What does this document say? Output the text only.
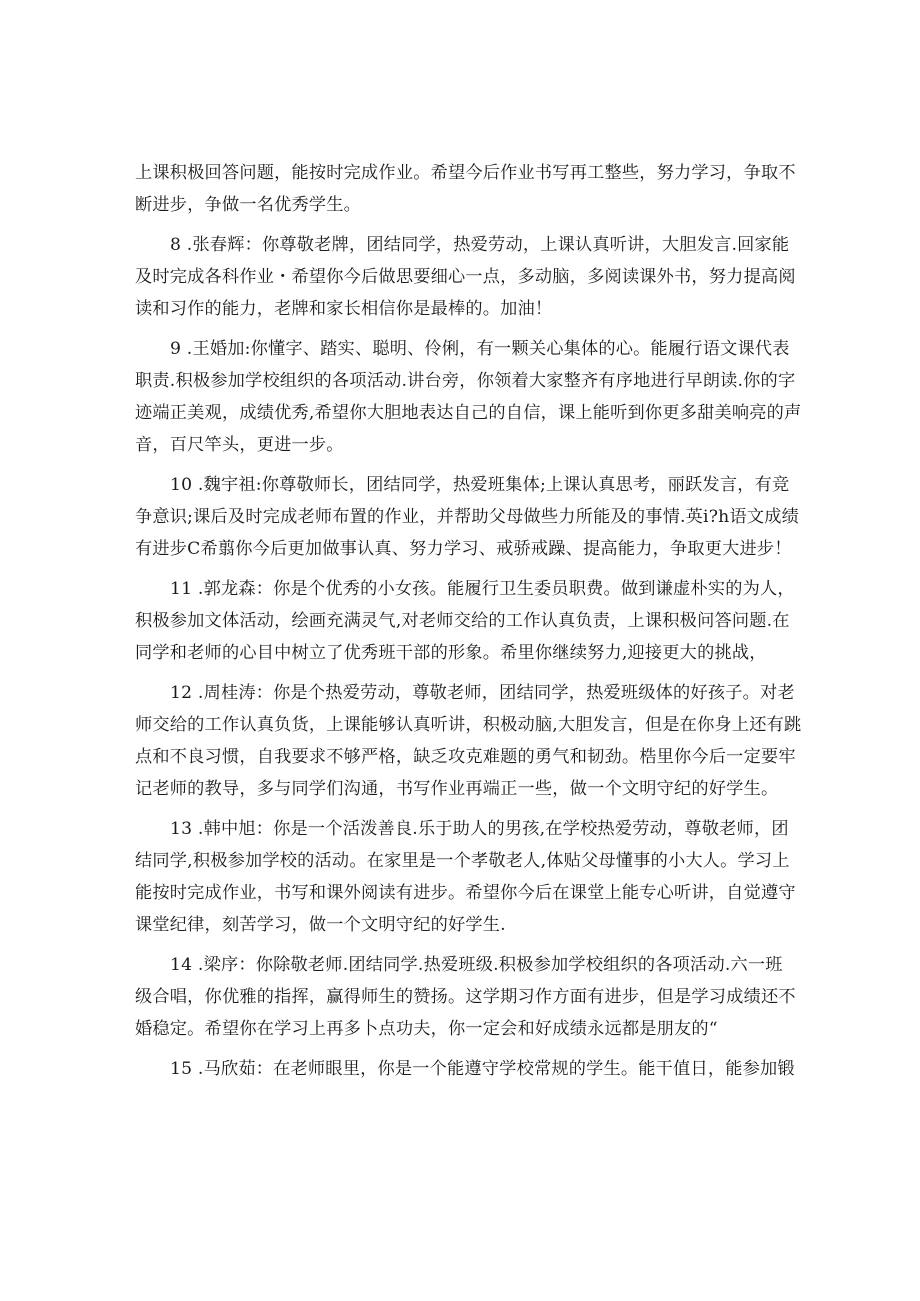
上课积极回答问题，能按时完成作业。希望今后作业书写再工整些，努力学习，争取不
断进步，争做一名优秀学生。
8 .张春辉：你尊敬老牌，团结同学，热爱劳动，上课认真听讲，大胆发言.回家能
及时完成各科作业・希望你今后做思要细心一点，多动脑，多阅读课外书，努力提高阅
读和习作的能力，老牌和家长相信你是最棒的。加油！
9 .王婚加:你懂字、踏实、聪明、伶俐，有一颗关心集体的心。能履行语文课代表
职责.积极参加学校组织的各项活动.讲台旁，你领着大家整齐有序地进行早朗读.你的字
迹端正美观，成绩优秀,希望你大胆地表达自己的自信，课上能听到你更多甜美响亮的声
音，百尺竿头，更进一步。
10 .魏宇祖:你尊敬师长，团结同学，热爱班集体;上课认真思考，丽跃发言，有竞
争意识;课后及时完成老师布置的作业，并帮助父母做些力所能及的事情.英i?h语文成绩
有进步C希翦你今后更加做事认真、努力学习、戒骄戒躁、提高能力，争取更大进步！
11 .郭龙森：你是个优秀的小女孩。能履行卫生委员职费。做到谦虚朴实的为人，
积极参加文体活动，绘画充满灵气,对老师交给的工作认真负责，上课积极问答问题.在
同学和老师的心目中树立了优秀班干部的形象。希里你继续努力,迎接更大的挑战，
12 .周桂涛：你是个热爱劳动，尊敬老师，团结同学，热爱班级体的好孩子。对老
师交给的工作认真负货，上课能够认真听讲，积极动脑,大胆发言，但是在你身上还有跳
点和不良习惯，自我要求不够严格，缺乏攻克难题的勇气和韧劲。梏里你今后一定要牢
记老师的教导，多与同学们沟通，书写作业再端正一些，做一个文明守纪的好学生。
13 .韩中旭：你是一个活泼善良.乐于助人的男孩,在学校热爱劳动，尊敬老师，团
结同学,积极参加学校的活动。在家里是一个孝敬老人,体贴父母懂事的小大人。学习上
能按时完成作业，书写和课外阅读有进步。希望你今后在课堂上能专心听讲，自觉遵守
课堂纪律，刻苦学习，做一个文明守纪的好学生.
14 .梁序：你除敬老师.团结同学.热爱班级.积极参加学校组织的各项活动.六一班
级合唱，你优雅的指挥，赢得师生的赞扬。这学期习作方面有进步，但是学习成绩还不
婚稳定。希望你在学习上再多卜点功夫，你一定会和好成绩永远都是朋友的“
15 .马欣茹：在老师眼里，你是一个能遵守学校常规的学生。能干值日，能参加锻
